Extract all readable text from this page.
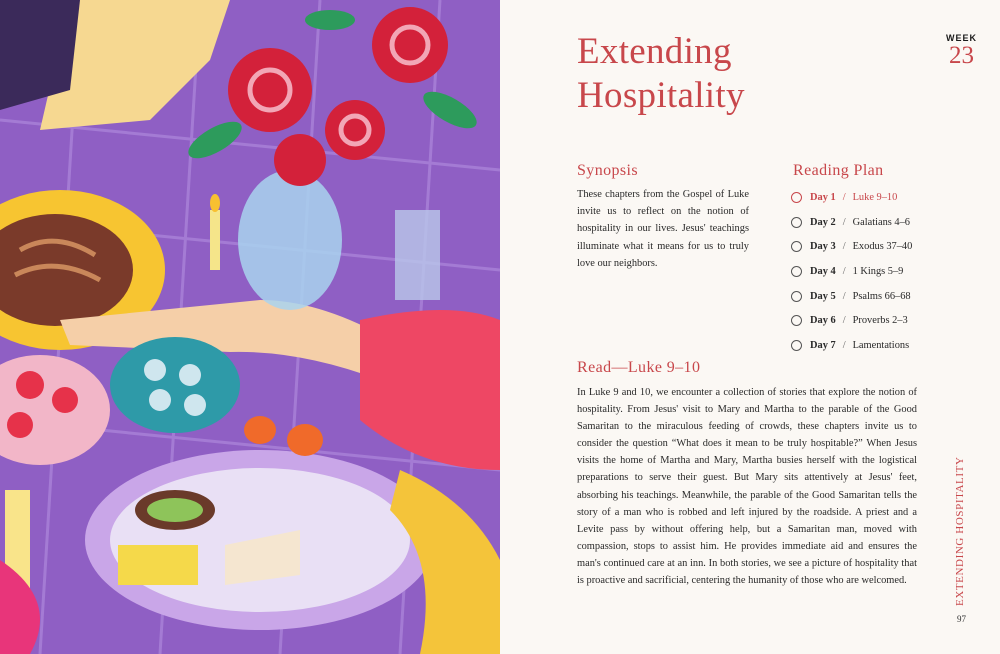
Extending
Hospitality
WEEK
23
Synopsis

These chapters from the Gospel of Luke invite us to reflect on the notion of hospitality in our lives. Jesus' teachings illuminate what it means for us to truly love our neighbors.

Reading Plan
Day 1 / Luke 9–10
Day 2 / Galatians 4–6
Day 3 / Exodus 37–40
Day 4 / 1 Kings 5–9
Day 5 / Psalms 66–68
Day 6 / Proverbs 2–3
Day 7 / Lamentations
Read—Luke 9–10

In Luke 9 and 10, we encounter a collection of stories that explore the notion of hospitality. From Jesus' visit to Mary and Martha to the parable of the Good Samaritan to the miraculous feeding of crowds, these chapters invite us to consider the question “What does it mean to be truly hospitable?” When Jesus visits the home of Martha and Mary, Martha busies herself with the logistical preparations to serve their guest. But Mary sits attentively at Jesus' feet, absorbing his teachings. Meanwhile, the parable of the Good Samaritan tells the story of a man who is robbed and left injured by the roadside. A priest and a Levite pass by without offering help, but a Samaritan man, moved with compassion, stops to assist him. He provides immediate aid and ensures the man's continued care at an inn. In both stories, we see a picture of hospitality that is proactive and sacrificial, centering the humanity of those who are welcomed.	EXTENDING HOSPITALITY
97
